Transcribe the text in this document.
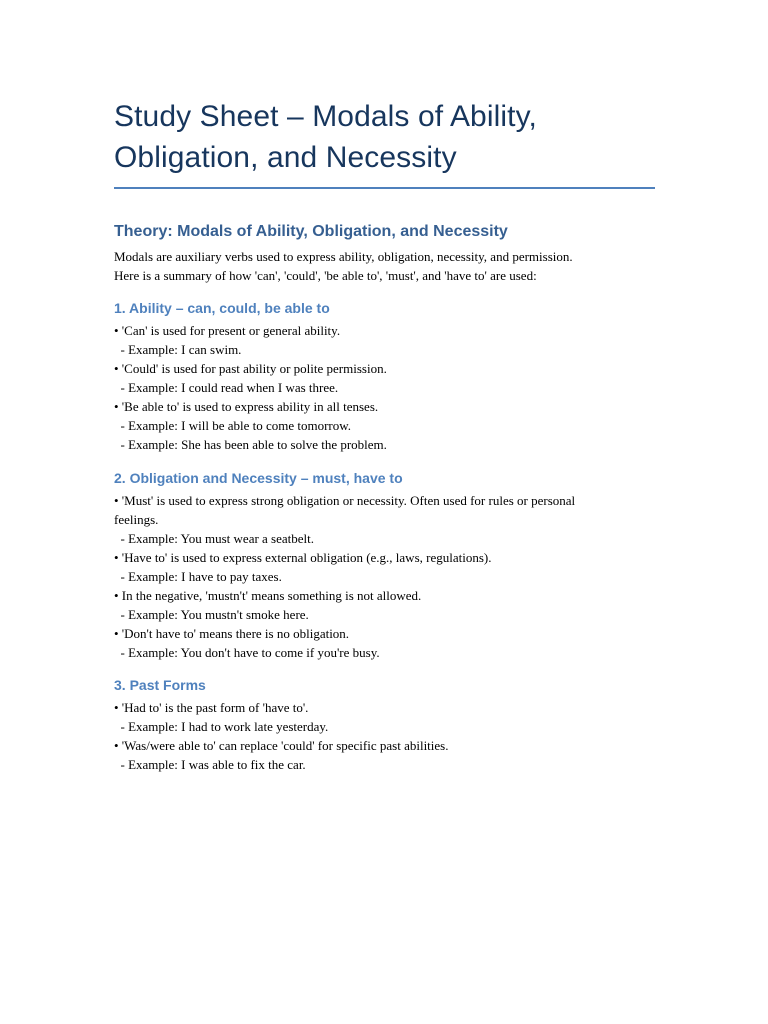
Study Sheet – Modals of Ability,
Obligation, and Necessity
Theory: Modals of Ability, Obligation, and Necessity

Modals are auxiliary verbs used to express ability, obligation, necessity, and permission.
Here is a summary of how 'can', 'could', 'be able to', 'must', and 'have to' are used:

1. Ability – can, could, be able to
• 'Can' is used for present or general ability.
- Example: I can swim.
• 'Could' is used for past ability or polite permission.
- Example: I could read when I was three.
• 'Be able to' is used to express ability in all tenses.
- Example: I will be able to come tomorrow.
- Example: She has been able to solve the problem.
2. Obligation and Necessity – must, have to
• 'Must' is used to express strong obligation or necessity. Often used for rules or personal
feelings.
- Example: You must wear a seatbelt.
• 'Have to' is used to express external obligation (e.g., laws, regulations).
- Example: I have to pay taxes.
• In the negative, 'mustn't' means something is not allowed.
- Example: You mustn't smoke here.
• 'Don't have to' means there is no obligation.
- Example: You don't have to come if you're busy.
3. Past Forms
• 'Had to' is the past form of 'have to'.
- Example: I had to work late yesterday.
• 'Was/were able to' can replace 'could' for specific past abilities.
- Example: I was able to fix the car.
